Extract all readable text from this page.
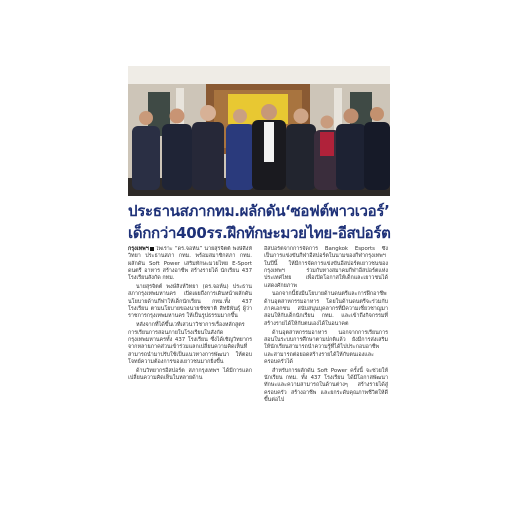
ประธานสภากทม.ผลักดัน‘ซอฟต์พาวเวอร์’
เด็กกว่า400รร.ฝึกทักษะมวยไทย-อีสปอร์ต

กรุงเทพฯ ไพเราะ “ดร.จอห์น” นายสุรจิตต์ พงษ์สิงห์วิทยา ประธานสภา กทม. พร้อมสมาชิกสภา กทม. ผลักดัน Soft Power เสริมทักษะมวยไทย E-Sport ดนตรี อาหาร สร้างอาชีพ สร้างรายได้ นักเรียน 437 โรงเรียนสังกัด กทม.

นายสุรจิตต์ พงษ์สิงห์วิทยา (ดร.จอห์น) ประธานสภากรุงเทพมหานคร เปิดเผยถึงการเดินหน้าผลักดันนโยบายด้านกีฬาให้เด็กนักเรียน กทม.ทั้ง 437 โรงเรียน ตามนโยบายของนายชัชชาติ สิทธิพันธุ์ ผู้ว่าราชการกรุงเทพมหานคร ให้เป็นรูปธรรมมากขึ้น

หลังจากที่ได้ขึ้นเวทีเสวนาวิชาการเรื่องหลักสูตรการเรียนการสอนภายในโรงเรียนในสังกัดกรุงเทพมหานครทั้ง 437 โรงเรียน ซึ่งได้เชิญวิทยากรจากหลายภาคส่วนเข้าร่วมแลกเปลี่ยนความคิดเห็นที่สามารถนำมาปรับใช้เป็นแนวทางการพัฒนา ให้ตอบโจทย์ความต้องการของเยาวชนมากยิ่งขึ้น

ด้านวิทยากรอีสปอร์ต สภากรุงเทพฯ ได้มีการแลกเปลี่ยนความคิดเห็นในหลายด้าน

อีสปอร์ตจากการจัดการ Bangkok Esports ซึ่งเป็นการแข่งขันกีฬาอีสปอร์ตในนามของกีฬากรุงเทพฯ ในปีนี้ ให้มีการจัดการแข่งขันอีสปอร์ตเยาวชนของกรุงเทพฯ ร่วมกับทางสมาคมกีฬาอีสปอร์ตแห่งประเทศไทย เพื่อเปิดโอกาสให้เด็กและเยาวชนได้แสดงศักยภาพ

นอกจากนี้ยังมีนโยบายด้านดนตรีและการฝึกอาชีพด้านอุตสาหกรรมอาหาร โดยในด้านดนตรีจะร่วมกับภาคเอกชน สนับสนุนบุคลากรที่มีความเชี่ยวชาญมาสอนให้กับเด็กนักเรียน กทม. และเข้าถึงกิจกรรมที่สร้างรายได้ให้กับตนเองได้ในอนาคต

ด้านอุตสาหกรรมอาหาร นอกจากการเรียนการสอนในระบบการศึกษาตามปกติแล้ว ยังมีการส่งเสริมให้นักเรียนสามารถนำความรู้ที่ได้ไปประกอบอาชีพ และสามารถต่อยอดสร้างรายได้ให้กับตนเองและครอบครัวได้

สำหรับการผลักดัน Soft Power ครั้งนี้ จะช่วยให้นักเรียน กทม. ทั้ง 437 โรงเรียน ได้มีโอกาสพัฒนาทักษะและความสามารถในด้านต่างๆ สร้างรายได้สู่ครอบครัว สร้างอาชีพ และยกระดับคุณภาพชีวิตให้ดีขึ้นต่อไป
